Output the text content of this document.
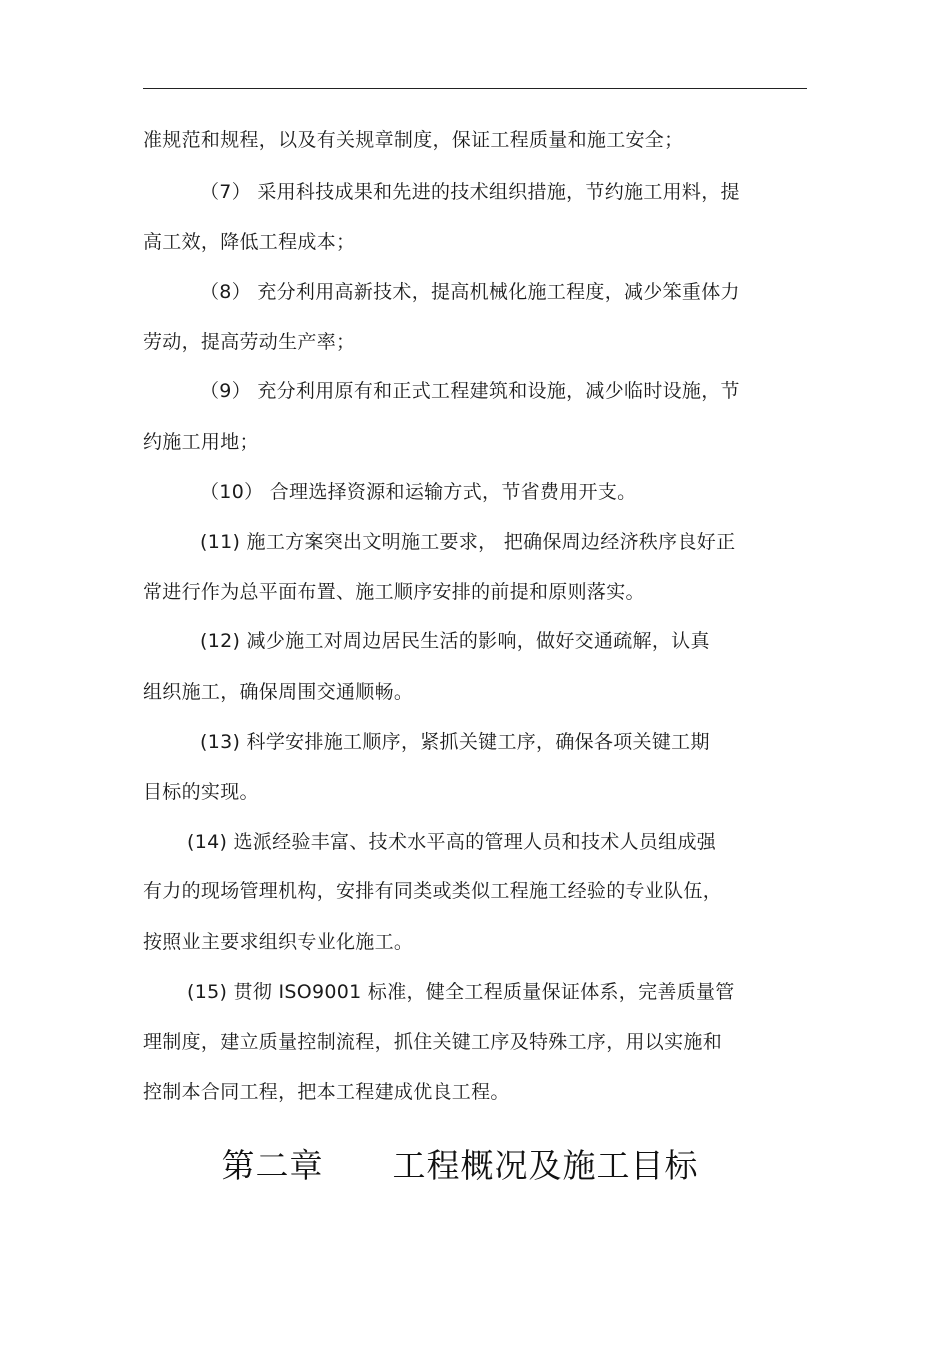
准规范和规程，以及有关规章制度，保证工程质量和施工安全；
（7） 采用科技成果和先进的技术组织措施，节约施工用料，提
高工效，降低工程成本；
（8） 充分利用高新技术，提高机械化施工程度，减少笨重体力
劳动，提高劳动生产率；
（9） 充分利用原有和正式工程建筑和设施，减少临时设施，节
约施工用地；
（10） 合理选择资源和运输方式，节省费用开支。
(11) 施工方案突出文明施工要求， 把确保周边经济秩序良好正
常进行作为总平面布置、施工顺序安排的前提和原则落实。
(12) 减少施工对周边居民生活的影响，做好交通疏解，认真
组织施工，确保周围交通顺畅。
(13) 科学安排施工顺序，紧抓关键工序，确保各项关键工期
目标的实现。
(14) 选派经验丰富、技术水平高的管理人员和技术人员组成强
有力的现场管理机构，安排有同类或类似工程施工经验的专业队伍，
按照业主要求组织专业化施工。
(15) 贯彻 ISO9001 标准，健全工程质量保证体系，完善质量管
理制度，建立质量控制流程，抓住关键工序及特殊工序，用以实施和
控制本合同工程，把本工程建成优良工程。
第二章      工程概况及施工目标
